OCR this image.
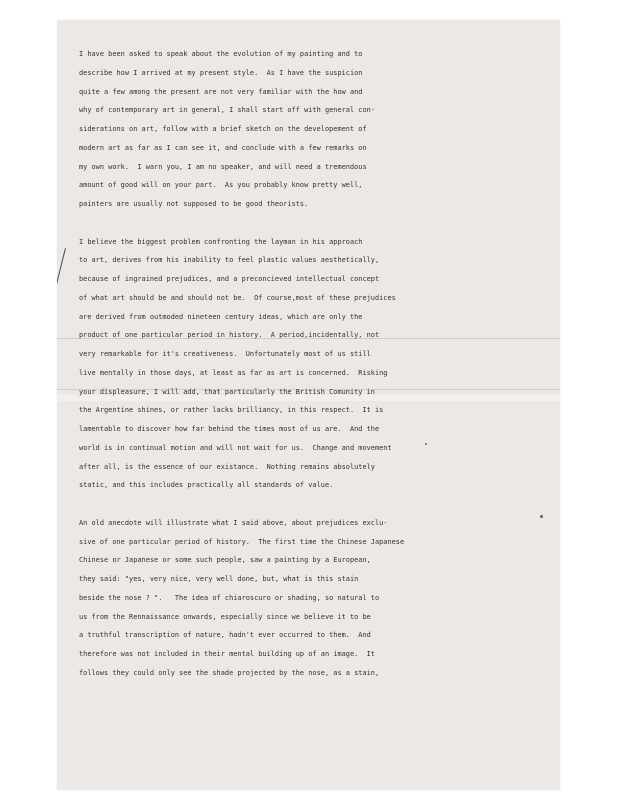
I have been asked to speak about the evolution of my painting and to
describe how I arrived at my present style.  As I have the suspicion
quite a few among the present are not very familiar with the how and
why of contemporary art in general, I shall start off with general con-
siderations on art, follow with a brief sketch on the developement of
modern art as far as I can see it, and conclude with a few remarks on
my own work.  I warn you, I am no speaker, and will need a tremendous
amount of good will on your part.  As you probably know pretty well,
painters are usually not supposed to be good theorists.
I believe the biggest problem confronting the layman in his approach
to art, derives from his inability to feel plastic values aesthetically,
because of ingrained prejudices, and a preconcieved intellectual concept
of what art should be and should not be.  Of course,most of these prejudices
are derived from outmoded nineteen century ideas, which are only the
product of one particular period in history.  A period,incidentally, not
very remarkable for it's creativeness.  Unfortunately most of us still
live mentally in those days, at least as far as art is concerned.  Risking
your displeasure, I will add, that particularly the British Comunity in
the Argentine shines, or rather lacks brilliancy, in this respect.  It is
lamentable to discover how far behind the times most of us are.  And the
world is in continual motion and will not wait for us.  Change and movement
after all, is the essence of our existance.  Nothing remains absolutely
static, and this includes practically all standards of value.
An old anecdote will illustrate what I said above, about prejudices exclu-
sive of one particular period of history.  The first time the Chinese Japanese
Chinese or Japanese or some such people, saw a painting by a European,
they said: "yes, very nice, very well done, but, what is this stain
beside the nose ? ".   The idea of chiaroscuro or shading, so natural to
us from the Rennaissance onwards, especially since we believe it to be
a truthful transcription of nature, hadn't ever occurred to them.  And
therefore was not included in their mental building up of an image.  It
follows they could only see the shade projected by the nose, as a stain,
